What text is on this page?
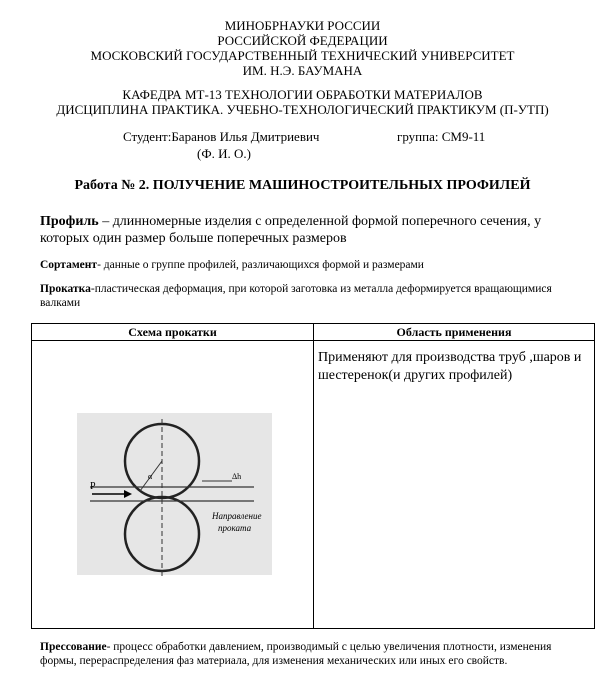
МИНОБРНАУКИ РОССИИ
РОССИЙСКОЙ ФЕДЕРАЦИИ
МОСКОВСКИЙ ГОСУДАРСТВЕННЫЙ ТЕХНИЧЕСКИЙ УНИВЕРСИТЕТ
ИМ. Н.Э. БАУМАНА
КАФЕДРА МТ-13 ТЕХНОЛОГИИ ОБРАБОТКИ МАТЕРИАЛОВ
ДИСЦИПЛИНА ПРАКТИКА. УЧЕБНО-ТЕХНОЛОГИЧЕСКИЙ ПРАКТИКУМ (П-УТП)
Студент:Баранов Илья Дмитриевич	группа: СМ9-11
(Ф. И. О.)
Работа № 2. ПОЛУЧЕНИЕ МАШИНОСТРОИТЕЛЬНЫХ ПРОФИЛЕЙ
Профиль – длинномерные изделия с определенной формой поперечного сечения, у которых один размер больше поперечных размеров
Сортамент- данные о группе профилей, различающихся формой и размерами
Прокатка-пластическая деформация, при которой заготовка из металла деформируется вращающимися валками
Схема прокатки	Область применения

P
α Δh
Направление
проката	Применяют для производства труб ,шаров и шестеренок(и других профилей)
Прессование- процесс обработки давлением, производимый с целью увеличения плотности, изменения формы, перераспределения фаз материала, для изменения механических или иных его свойств.
